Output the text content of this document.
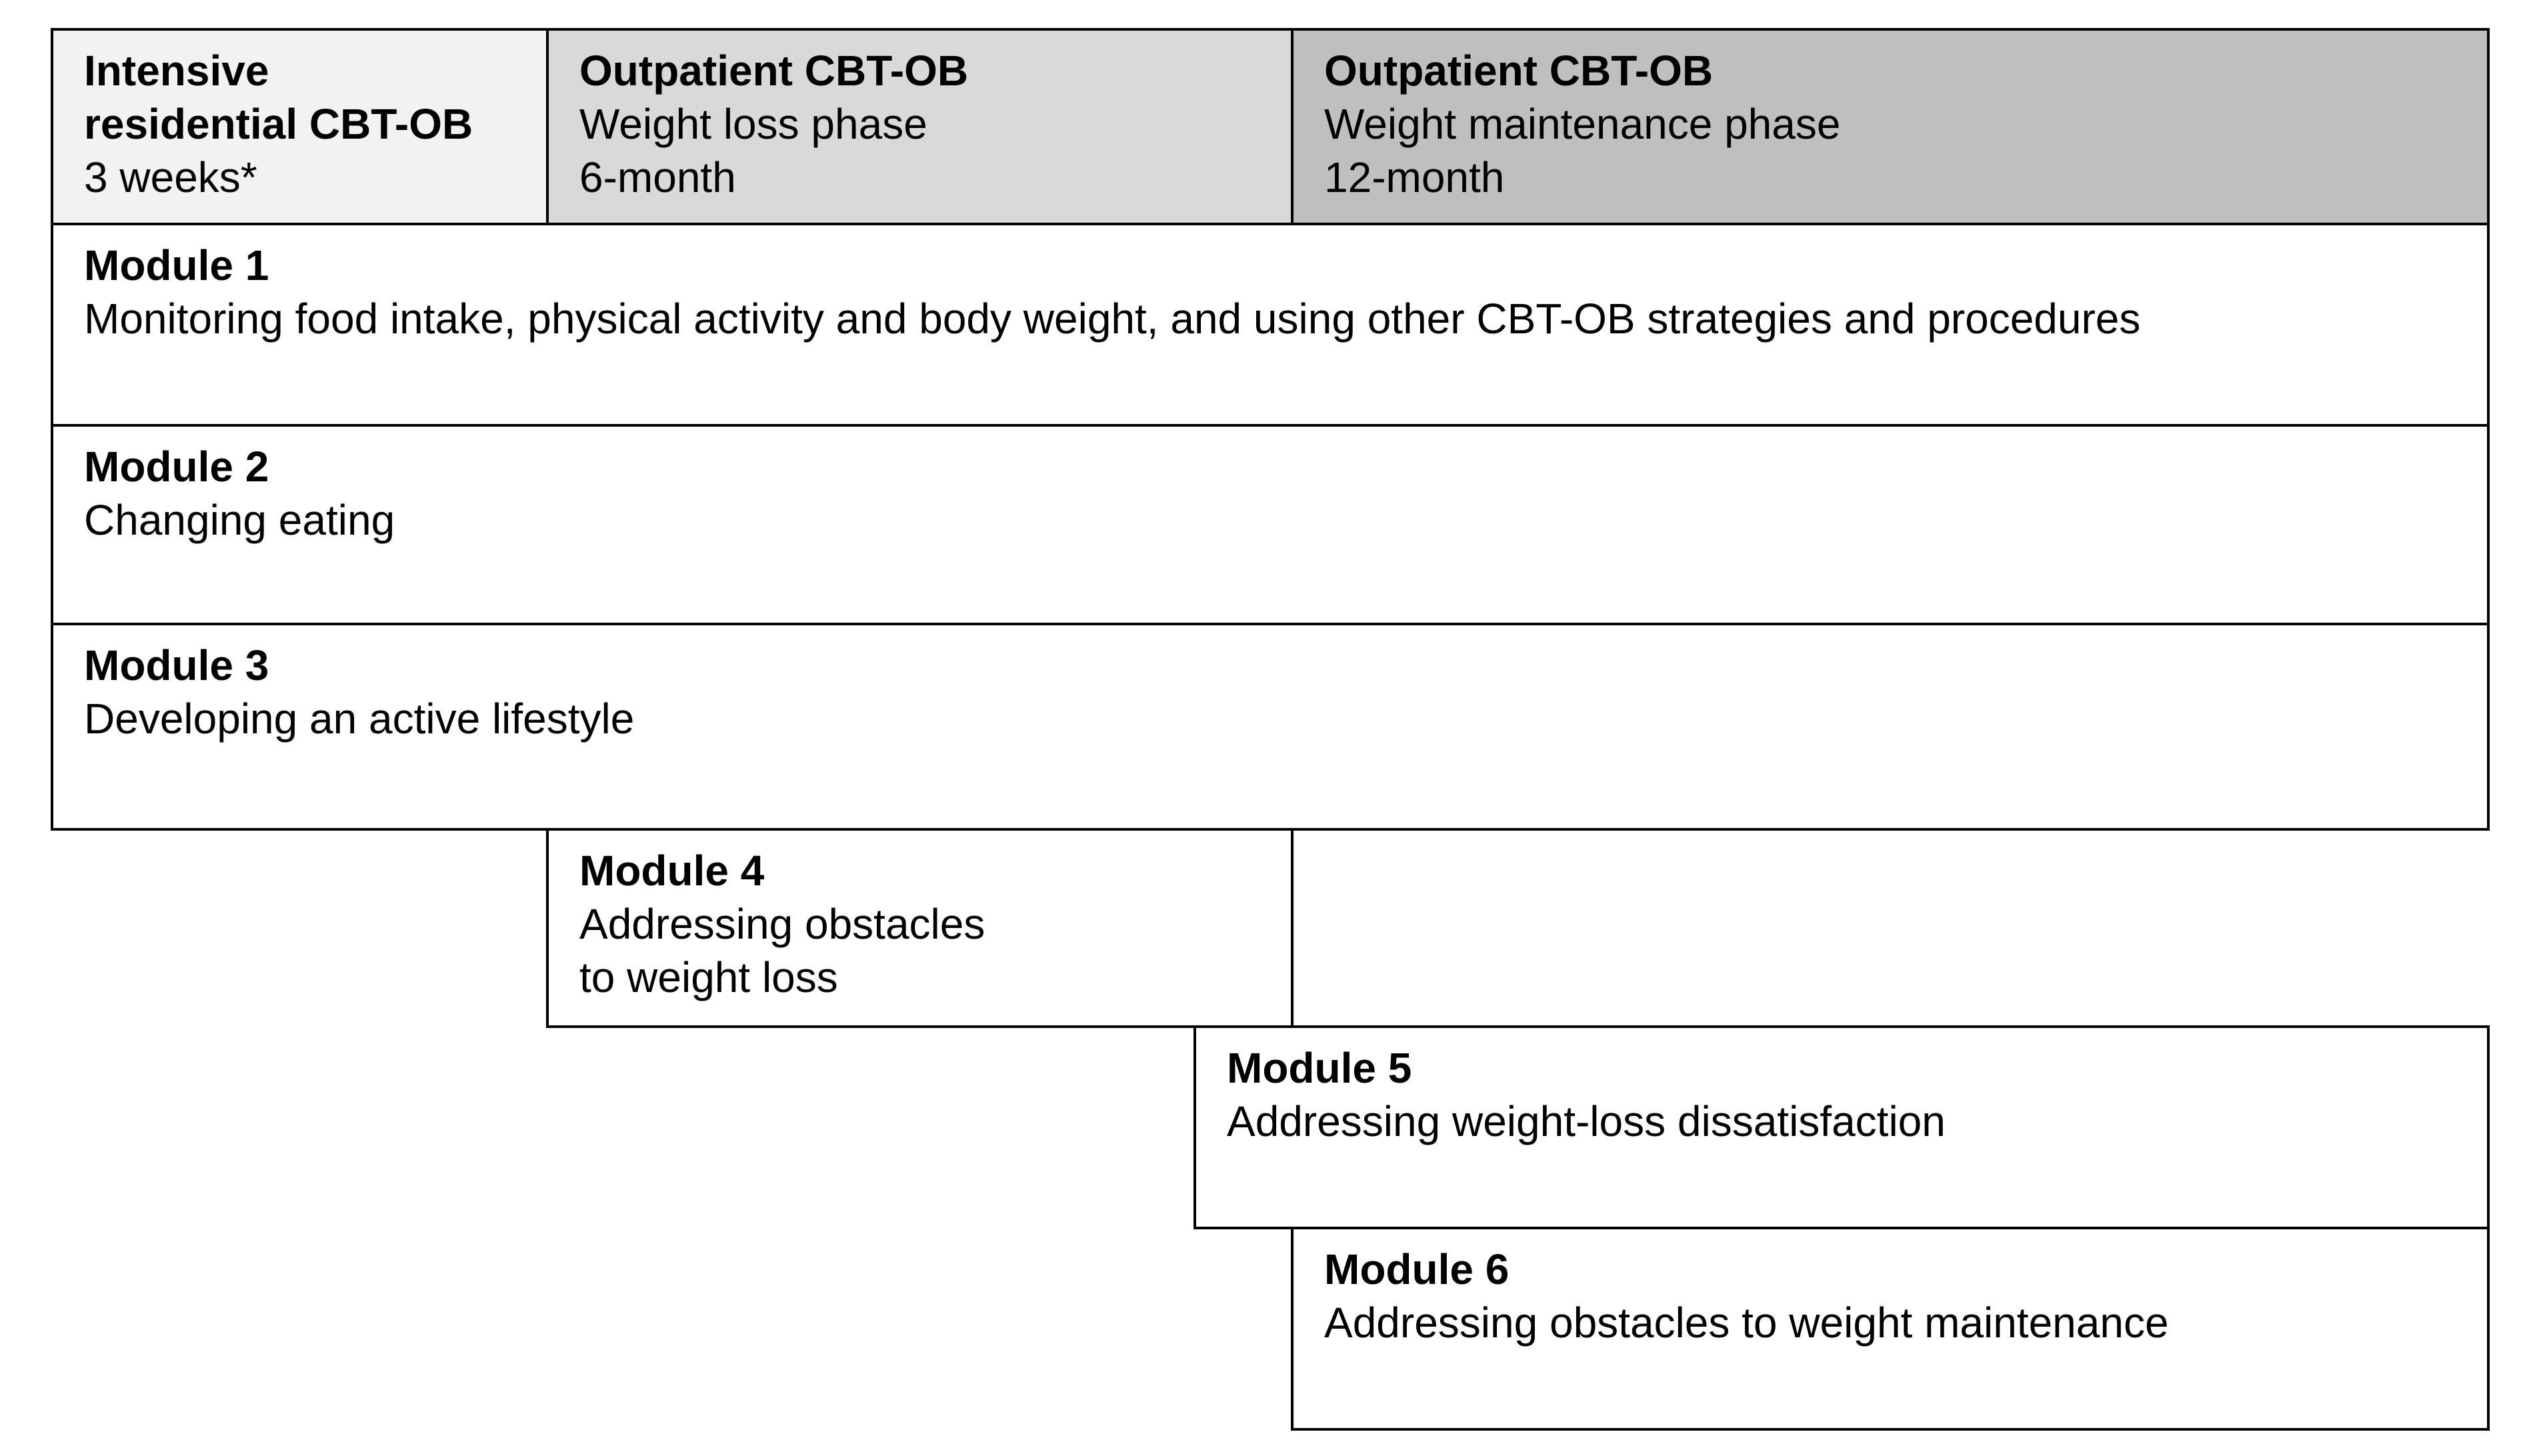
Intensive
residential CBT-OB
3 weeks*
Outpatient CBT-OB
Weight loss phase
6-month
Outpatient CBT-OB
Weight maintenance phase
12-month
Module 1
Monitoring food intake, physical activity and body weight, and using other CBT-OB strategies and procedures
Module 2
Changing eating
Module 3
Developing an active lifestyle
Module 4
Addressing obstacles
to weight loss
Module 5
Addressing weight-loss dissatisfaction
Module 6
Addressing obstacles to weight maintenance
